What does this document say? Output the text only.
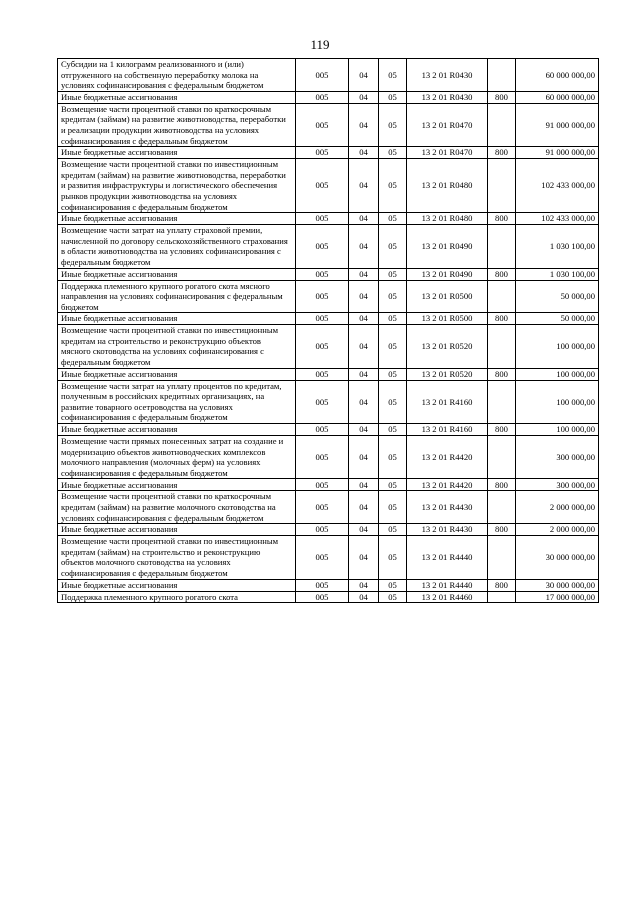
119
Субсидии на 1 килограмм реализованного и (или) отгруженного на собственную переработку молока на условиях софинансирования с федеральным бюджетом	005	04	05	13 2 01 R0430		60 000 000,00
Иные бюджетные ассигнования	005	04	05	13 2 01 R0430	800	60 000 000,00
Возмещение части процентной ставки по краткосрочным кредитам (займам) на развитие животноводства, переработки и реализации продукции животноводства на условиях софинансирования с федеральным бюджетом	005	04	05	13 2 01 R0470		91 000 000,00
Иные бюджетные ассигнования	005	04	05	13 2 01 R0470	800	91 000 000,00
Возмещение части процентной ставки по инвестиционным кредитам (займам) на развитие животноводства, переработки и развития инфраструктуры и логистического обеспечения рынков продукции животноводства на условиях софинансирования с федеральным бюджетом	005	04	05	13 2 01 R0480		102 433 000,00
Иные бюджетные ассигнования	005	04	05	13 2 01 R0480	800	102 433 000,00
Возмещение части затрат на уплату страховой премии, начисленной по договору сельскохозяйственного страхования в области животноводства на условиях софинансирования с федеральным бюджетом	005	04	05	13 2 01 R0490		1 030 100,00
Иные бюджетные ассигнования	005	04	05	13 2 01 R0490	800	1 030 100,00
Поддержка племенного крупного рогатого скота мясного направления на условиях софинансирования с федеральным бюджетом	005	04	05	13 2 01 R0500		50 000,00
Иные бюджетные ассигнования	005	04	05	13 2 01 R0500	800	50 000,00
Возмещение части процентной ставки по инвестиционным кредитам на строительство и реконструкцию объектов мясного скотоводства на условиях софинансирования с федеральным бюджетом	005	04	05	13 2 01 R0520		100 000,00
Иные бюджетные ассигнования	005	04	05	13 2 01 R0520	800	100 000,00
Возмещение части затрат на уплату процентов по кредитам, полученным в российских кредитных организациях, на развитие товарного осетроводства на условиях софинансирования с федеральным бюджетом	005	04	05	13 2 01 R4160		100 000,00
Иные бюджетные ассигнования	005	04	05	13 2 01 R4160	800	100 000,00
Возмещение части прямых понесенных затрат на создание и модернизацию объектов животноводческих комплексов молочного направления (молочных ферм) на условиях софинансирования с федеральным бюджетом	005	04	05	13 2 01 R4420		300 000,00
Иные бюджетные ассигнования	005	04	05	13 2 01 R4420	800	300 000,00
Возмещение части процентной ставки по краткосрочным кредитам (займам) на развитие молочного скотоводства на условиях софинансирования с федеральным бюджетом	005	04	05	13 2 01 R4430		2 000 000,00
Иные бюджетные ассигнования	005	04	05	13 2 01 R4430	800	2 000 000,00
Возмещение части процентной ставки по инвестиционным кредитам (займам) на строительство и реконструкцию объектов молочного скотоводства на условиях софинансирования с федеральным бюджетом	005	04	05	13 2 01 R4440		30 000 000,00
Иные бюджетные ассигнования	005	04	05	13 2 01 R4440	800	30 000 000,00
Поддержка племенного крупного рогатого скота	005	04	05	13 2 01 R4460		17 000 000,00
